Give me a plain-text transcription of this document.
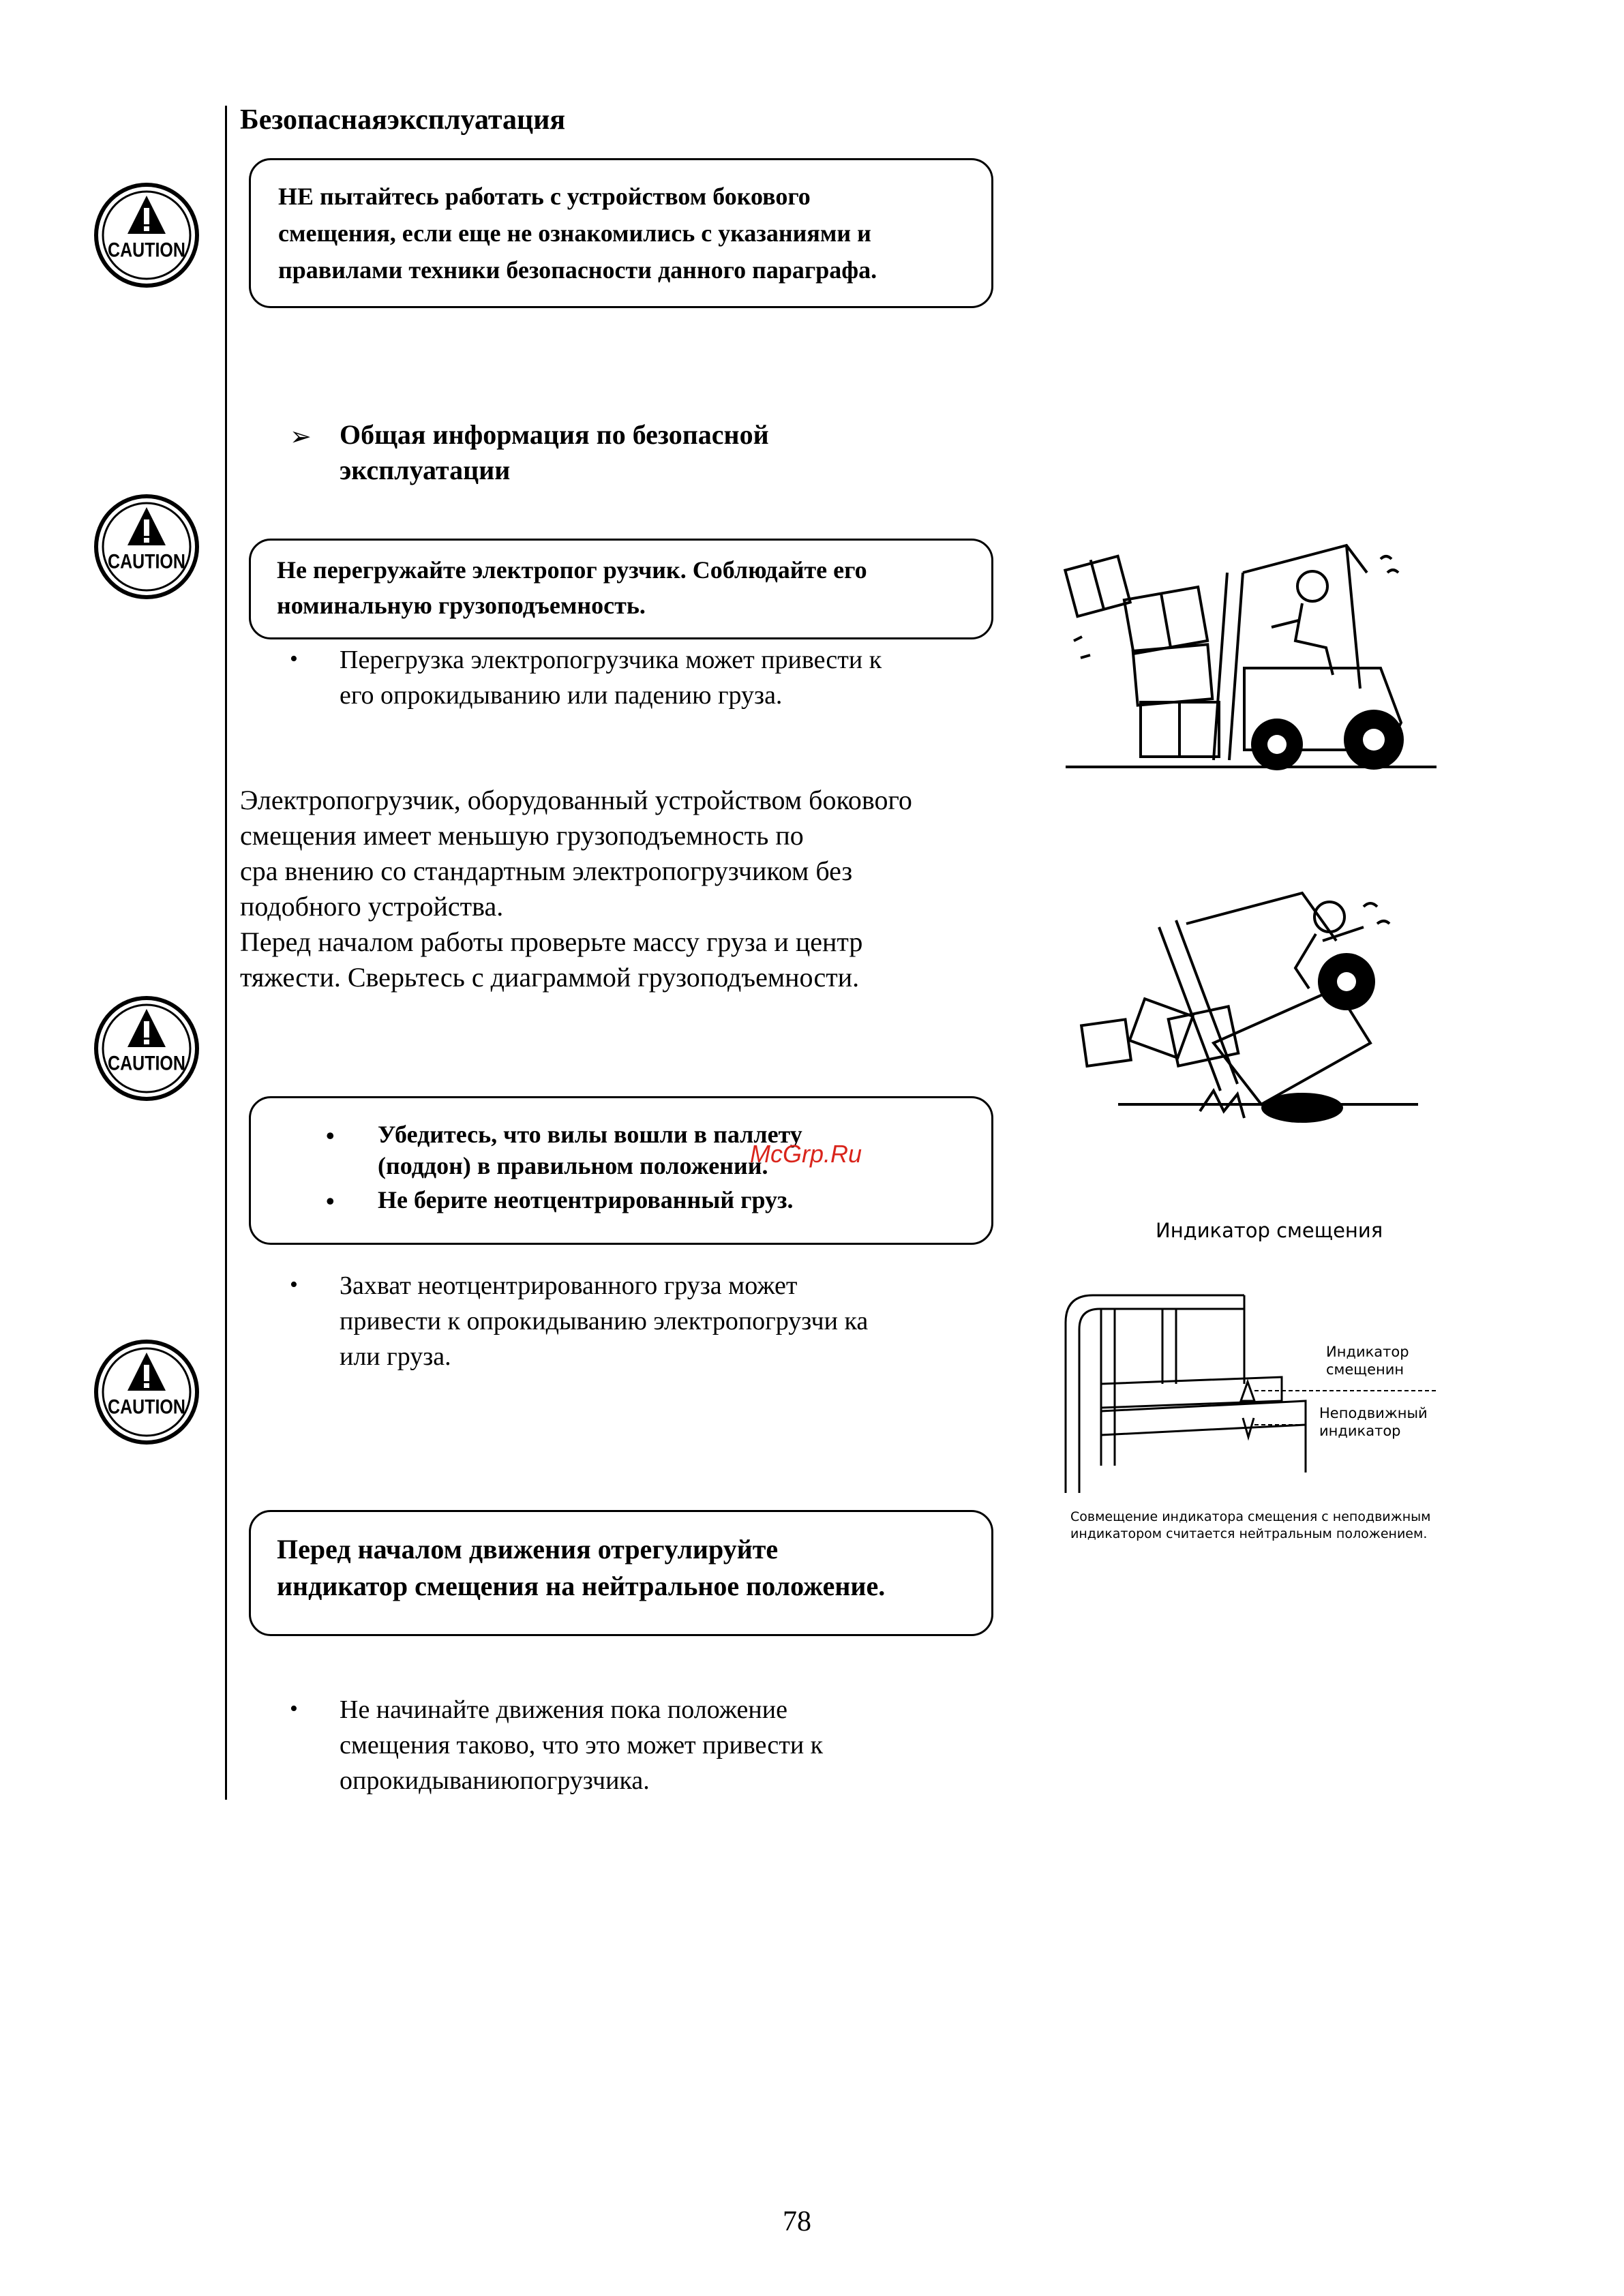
Безопаснаяэксплуатация
CAUTION
CAUTION
CAUTION
CAUTION
НЕ пытайтесь работать с устройством бокового
смещения, если еще не ознакомились с указаниями и
правилами техники безопасности данного параграфа.
➢ Общая информация по безопасной
эксплуатации
Не перегружайте электропог рузчик. Соблюдайте его
номинальную грузоподъемность.
• Перегрузка электропогрузчика может привести к
его опрокидыванию или падению груза.
Электропогрузчик, оборудованный устройством бокового
смещения имеет меньшую грузоподъемность по
сра внению со стандартным электропогрузчиком без
подобного устройства.
Перед началом работы проверьте массу груза и центр
тяжести. Сверьтесь с диаграммой грузоподъемности.
• Убедитесь, что вилы вошли в паллету
(поддон) в правильном положении.
• Не берите неотцентрированный груз.
McGrp.Ru
• Захват неотцентрированного груза может
привести к опрокидыванию электропогрузчи ка
или груза.
Перед началом движения отрегулируйте
индикатор смещения на нейтральное положение.
• Не начинайте движения пока положение
смещения таково, что это может привести к
опрокидываниюпогрузчика.
Индикатор смещения
Индикатор
смещенин
Неподвижный
индикатор
Совмещение индикатора смещения с неподвижным
индикатором считается нейтральным положением.
78
